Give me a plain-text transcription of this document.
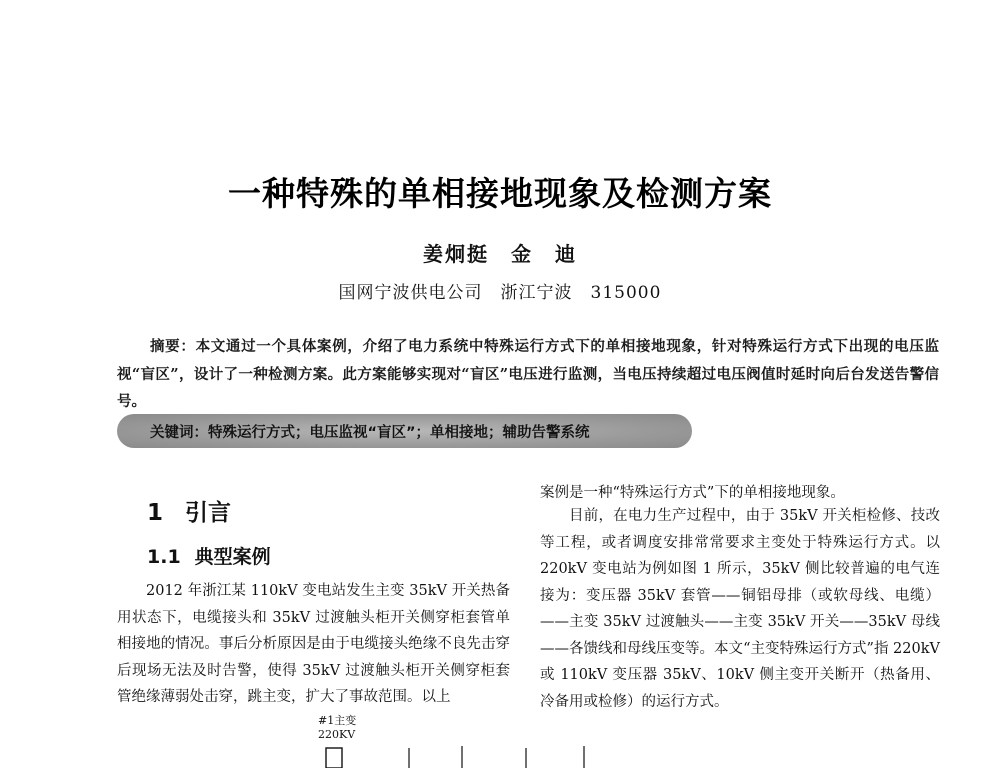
一种特殊的单相接地现象及检测方案
姜炯挺　金　迪
国网宁波供电公司　浙江宁波　315000
摘要：本文通过一个具体案例，介绍了电力系统中特殊运行方式下的单相接地现象，针对特殊运行方式下出现的电压监视“盲区”，设计了一种检测方案。此方案能够实现对“盲区”电压进行监测，当电压持续超过电压阀值时延时向后台发送告警信号。
关键词：特殊运行方式；电压监视“盲区”；单相接地；辅助告警系统
1 引言
1.1 典型案例
2012 年浙江某 110kV 变电站发生主变 35kV 开关热备用状态下，电缆接头和 35kV 过渡触头柜开关侧穿柜套管单相接地的情况。事后分析原因是由于电缆接头绝缘不良先击穿后现场无法及时告警，使得 35kV 过渡触头柜开关侧穿柜套管绝缘薄弱处击穿，跳主变，扩大了事故范围。以上
案例是一种“特殊运行方式”下的单相接地现象。
目前，在电力生产过程中，由于 35kV 开关柜检修、技改等工程，或者调度安排常常要求主变处于特殊运行方式。以 220kV 变电站为例如图 1 所示，35kV 侧比较普遍的电气连接为：变压器 35kV 套管——铜铝母排（或软母线、电缆）——主变 35kV 过渡触头——主变 35kV 开关——35kV 母线——各馈线和母线压变等。本文“主变特殊运行方式”指 220kV 或 110kV 变压器 35kV、10kV 侧主变开关断开（热备用、冷备用或检修）的运行方式。
#1主变
220KV
